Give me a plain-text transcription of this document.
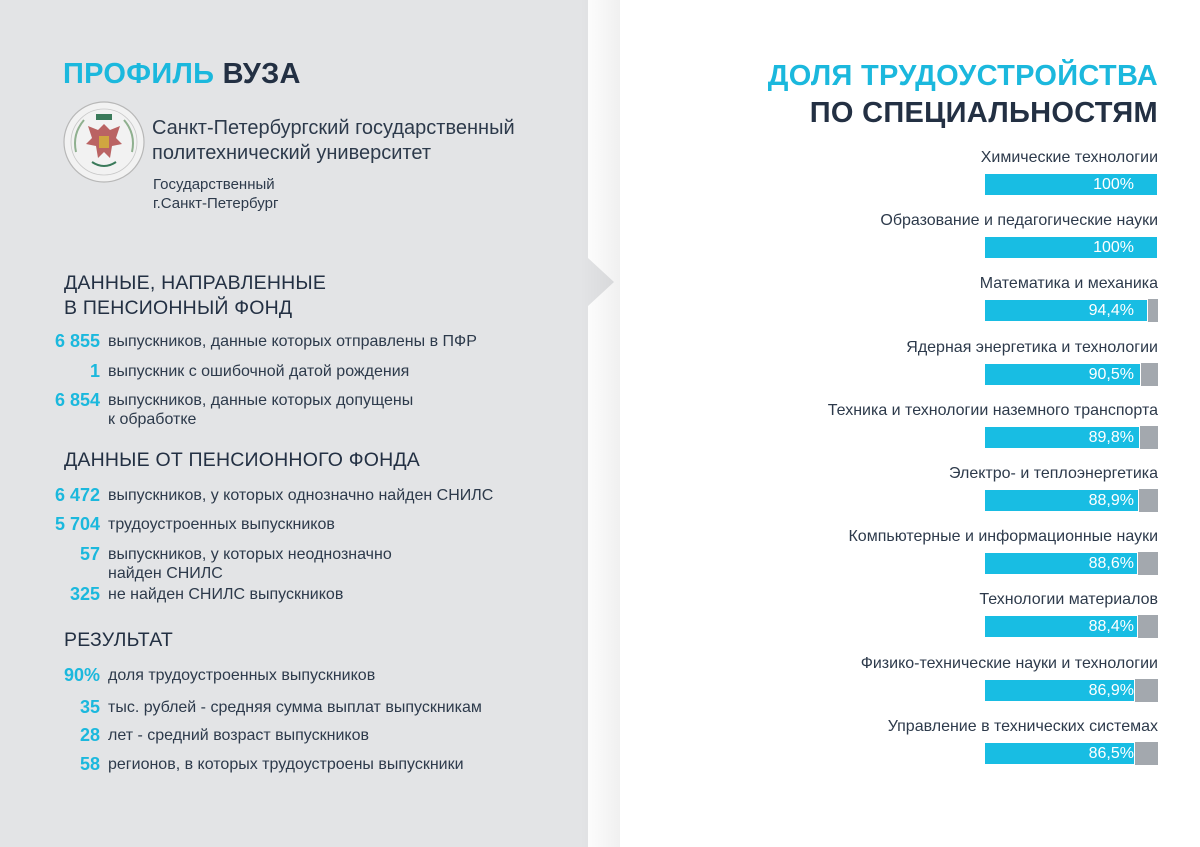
ПРОФИЛЬ ВУЗА
Санкт-Петербургский государственный
политехнический университет
Государственный
г.Санкт-Петербург
ДАННЫЕ, НАПРАВЛЕННЫЕ
В ПЕНСИОННЫЙ ФОНД
6 855 выпускников, данные которых отправлены в ПФР
1 выпускник с ошибочной датой рождения
6 854 выпускников, данные которых допущены
к обработке
ДАННЫЕ ОТ ПЕНСИОННОГО ФОНДА
6 472 выпускников, у которых однозначно найден СНИЛС
5 704 трудоустроенных выпускников
57 выпускников, у которых неоднозначно
найден СНИЛС
325 не найден СНИЛС выпускников
РЕЗУЛЬТАТ
90% доля трудоустроенных выпускников
35 тыс. рублей - средняя сумма выплат выпускникам
28 лет - средний возраст выпускников
58 регионов, в которых трудоустроены выпускники
ДОЛЯ ТРУДОУСТРОЙСТВА
ПО СПЕЦИАЛЬНОСТЯМ
Химические технологии
100%
Образование и педагогические науки
100%
Математика и механика
94,4%
Ядерная энергетика и технологии
90,5%
Техника и технологии наземного транспорта
89,8%
Электро- и теплоэнергетика
88,9%
Компьютерные и информационные науки
88,6%
Технологии материалов
88,4%
Физико-технические науки и технологии
86,9%
Управление в технических системах
86,5%
